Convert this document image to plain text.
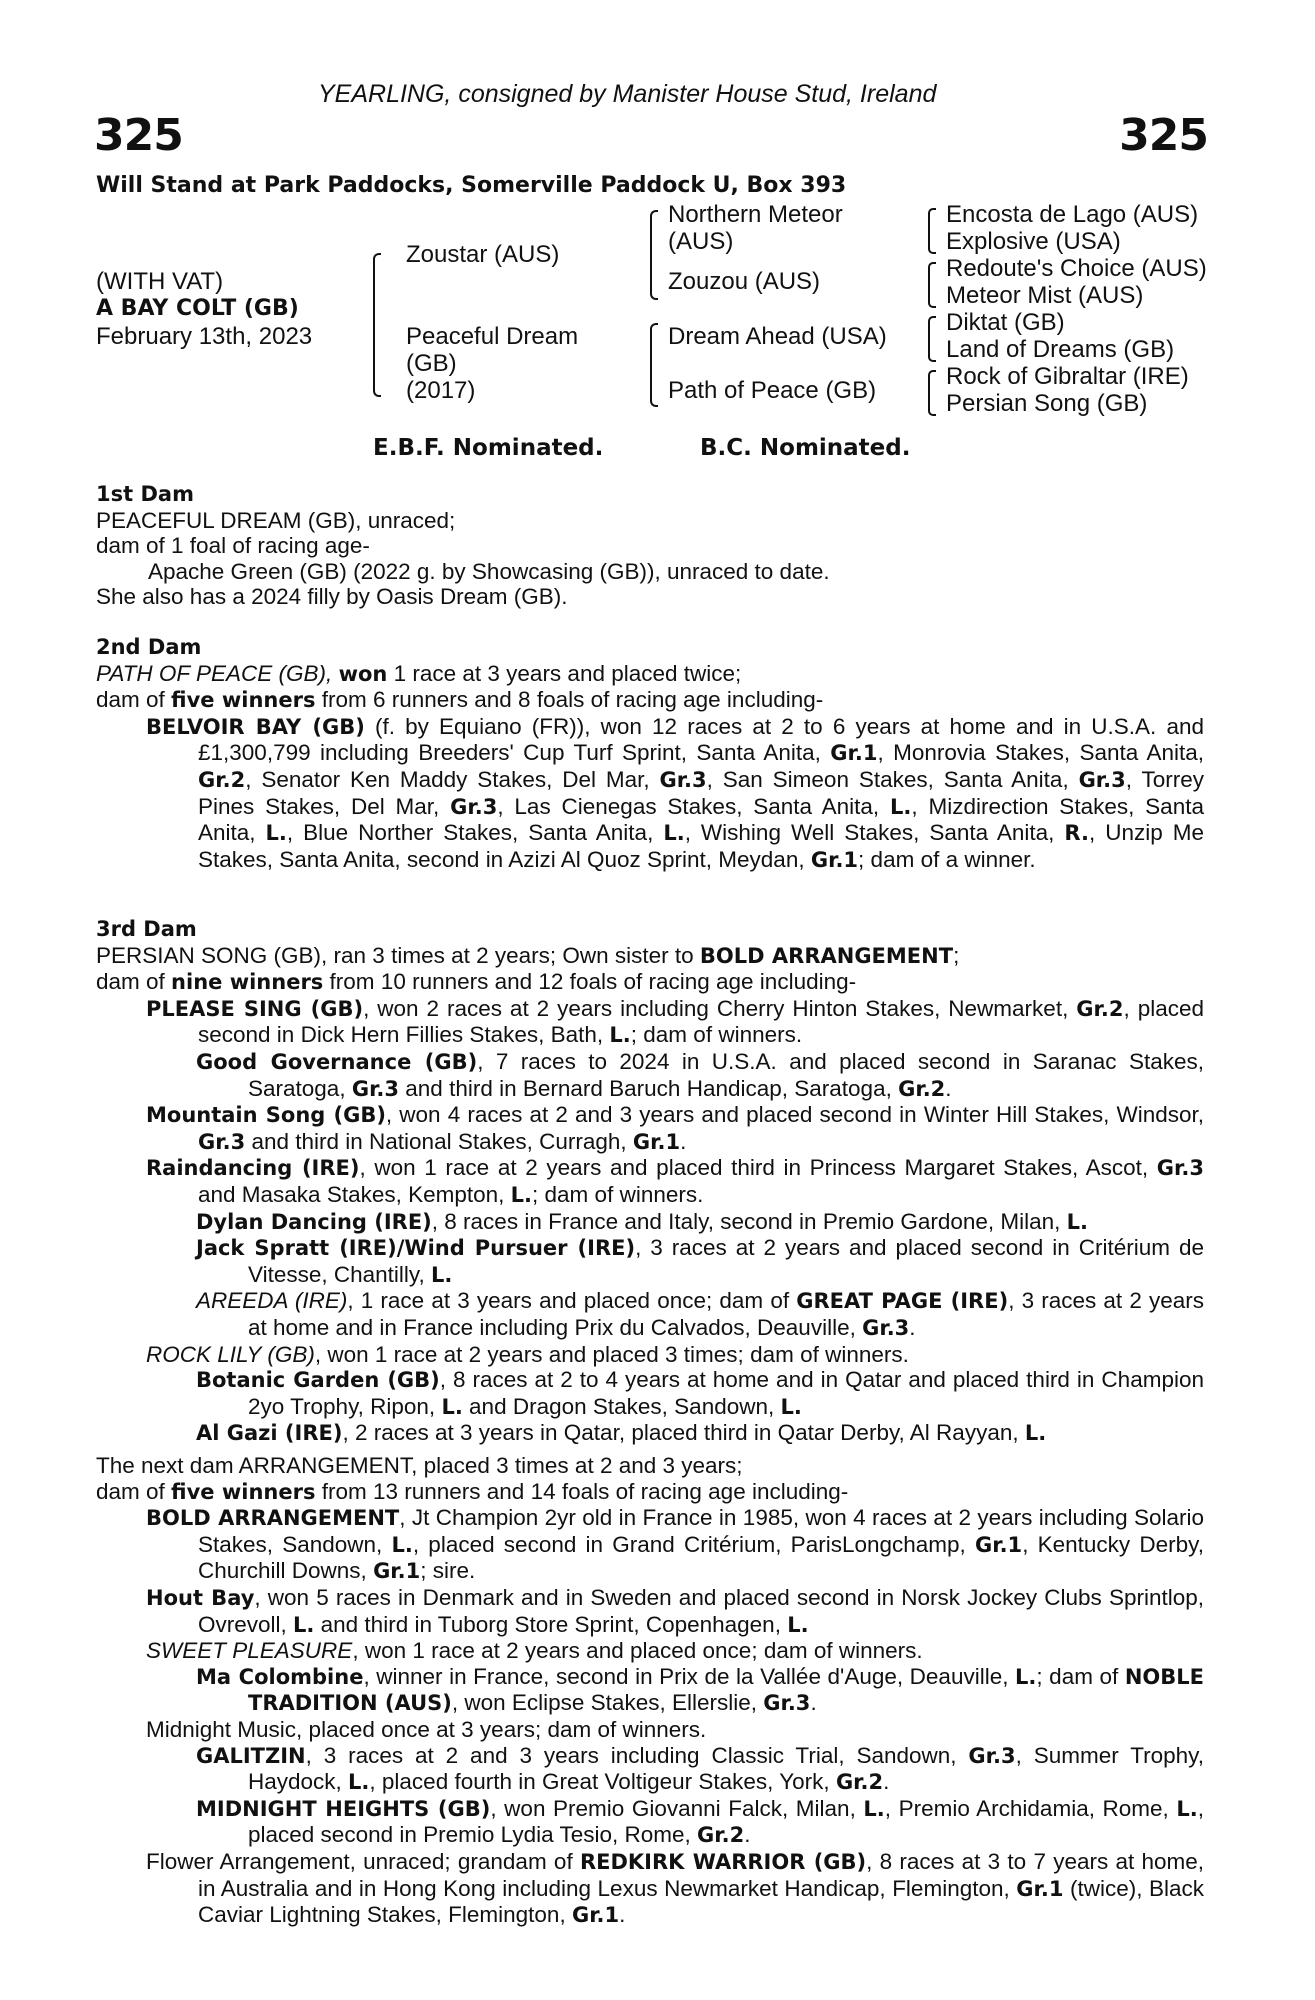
YEARLING, consigned by Manister House Stud, Ireland
325	325
Will Stand at Park Paddocks, Somerville Paddock U, Box 393
(WITH VAT)
A BAY COLT (GB)
February 13th, 2023
Zoustar (AUS)
Peaceful Dream
(GB)
(2017)
Northern Meteor
(AUS)
Zouzou (AUS)
Dream Ahead (USA)
Path of Peace (GB)
Encosta de Lago (AUS)
Explosive (USA)
Redoute's Choice (AUS)
Meteor Mist (AUS)
Diktat (GB)
Land of Dreams (GB)
Rock of Gibraltar (IRE)
Persian Song (GB)
E.B.F. Nominated.	B.C. Nominated.
1st Dam

PEACEFUL DREAM (GB), unraced;

dam of 1 foal of racing age-

Apache Green (GB) (2022 g. by Showcasing (GB)), unraced to date.

She also has a 2024 filly by Oasis Dream (GB).

2nd Dam

PATH OF PEACE (GB), won 1 race at 3 years and placed twice;

dam of five winners from 6 runners and 8 foals of racing age including-

BELVOIR BAY (GB) (f. by Equiano (FR)), won 12 races at 2 to 6 years at home and in U.S.A. and £1,300,799 including Breeders' Cup Turf Sprint, Santa Anita, Gr.1, Monrovia Stakes, Santa Anita, Gr.2, Senator Ken Maddy Stakes, Del Mar, Gr.3, San Simeon Stakes, Santa Anita, Gr.3, Torrey Pines Stakes, Del Mar, Gr.3, Las Cienegas Stakes, Santa Anita, L., Mizdirection Stakes, Santa Anita, L., Blue Norther Stakes, Santa Anita, L., Wishing Well Stakes, Santa Anita, R., Unzip Me Stakes, Santa Anita, second in Azizi Al Quoz Sprint, Meydan, Gr.1; dam of a winner.

3rd Dam

PERSIAN SONG (GB), ran 3 times at 2 years; Own sister to BOLD ARRANGEMENT;

dam of nine winners from 10 runners and 12 foals of racing age including-

PLEASE SING (GB), won 2 races at 2 years including Cherry Hinton Stakes, Newmarket, Gr.2, placed second in Dick Hern Fillies Stakes, Bath, L.; dam of winners.

Good Governance (GB), 7 races to 2024 in U.S.A. and placed second in Saranac Stakes, Saratoga, Gr.3 and third in Bernard Baruch Handicap, Saratoga, Gr.2.

Mountain Song (GB), won 4 races at 2 and 3 years and placed second in Winter Hill Stakes, Windsor, Gr.3 and third in National Stakes, Curragh, Gr.1.

Raindancing (IRE), won 1 race at 2 years and placed third in Princess Margaret Stakes, Ascot, Gr.3 and Masaka Stakes, Kempton, L.; dam of winners.

Dylan Dancing (IRE), 8 races in France and Italy, second in Premio Gardone, Milan, L.

Jack Spratt (IRE)/Wind Pursuer (IRE), 3 races at 2 years and placed second in Critérium de Vitesse, Chantilly, L.

AREEDA (IRE), 1 race at 3 years and placed once; dam of GREAT PAGE (IRE), 3 races at 2 years at home and in France including Prix du Calvados, Deauville, Gr.3.

ROCK LILY (GB), won 1 race at 2 years and placed 3 times; dam of winners.

Botanic Garden (GB), 8 races at 2 to 4 years at home and in Qatar and placed third in Champion 2yo Trophy, Ripon, L. and Dragon Stakes, Sandown, L.

Al Gazi (IRE), 2 races at 3 years in Qatar, placed third in Qatar Derby, Al Rayyan, L.

The next dam ARRANGEMENT, placed 3 times at 2 and 3 years;

dam of five winners from 13 runners and 14 foals of racing age including-

BOLD ARRANGEMENT, Jt Champion 2yr old in France in 1985, won 4 races at 2 years including Solario Stakes, Sandown, L., placed second in Grand Critérium, ParisLongchamp, Gr.1, Kentucky Derby, Churchill Downs, Gr.1; sire.

Hout Bay, won 5 races in Denmark and in Sweden and placed second in Norsk Jockey Clubs Sprintlop, Ovrevoll, L. and third in Tuborg Store Sprint, Copenhagen, L.

SWEET PLEASURE, won 1 race at 2 years and placed once; dam of winners.

Ma Colombine, winner in France, second in Prix de la Vallée d'Auge, Deauville, L.; dam of NOBLE TRADITION (AUS), won Eclipse Stakes, Ellerslie, Gr.3.

Midnight Music, placed once at 3 years; dam of winners.

GALITZIN, 3 races at 2 and 3 years including Classic Trial, Sandown, Gr.3, Summer Trophy, Haydock, L., placed fourth in Great Voltigeur Stakes, York, Gr.2.

MIDNIGHT HEIGHTS (GB), won Premio Giovanni Falck, Milan, L., Premio Archidamia, Rome, L., placed second in Premio Lydia Tesio, Rome, Gr.2.

Flower Arrangement, unraced; grandam of REDKIRK WARRIOR (GB), 8 races at 3 to 7 years at home, in Australia and in Hong Kong including Lexus Newmarket Handicap, Flemington, Gr.1 (twice), Black Caviar Lightning Stakes, Flemington, Gr.1.
